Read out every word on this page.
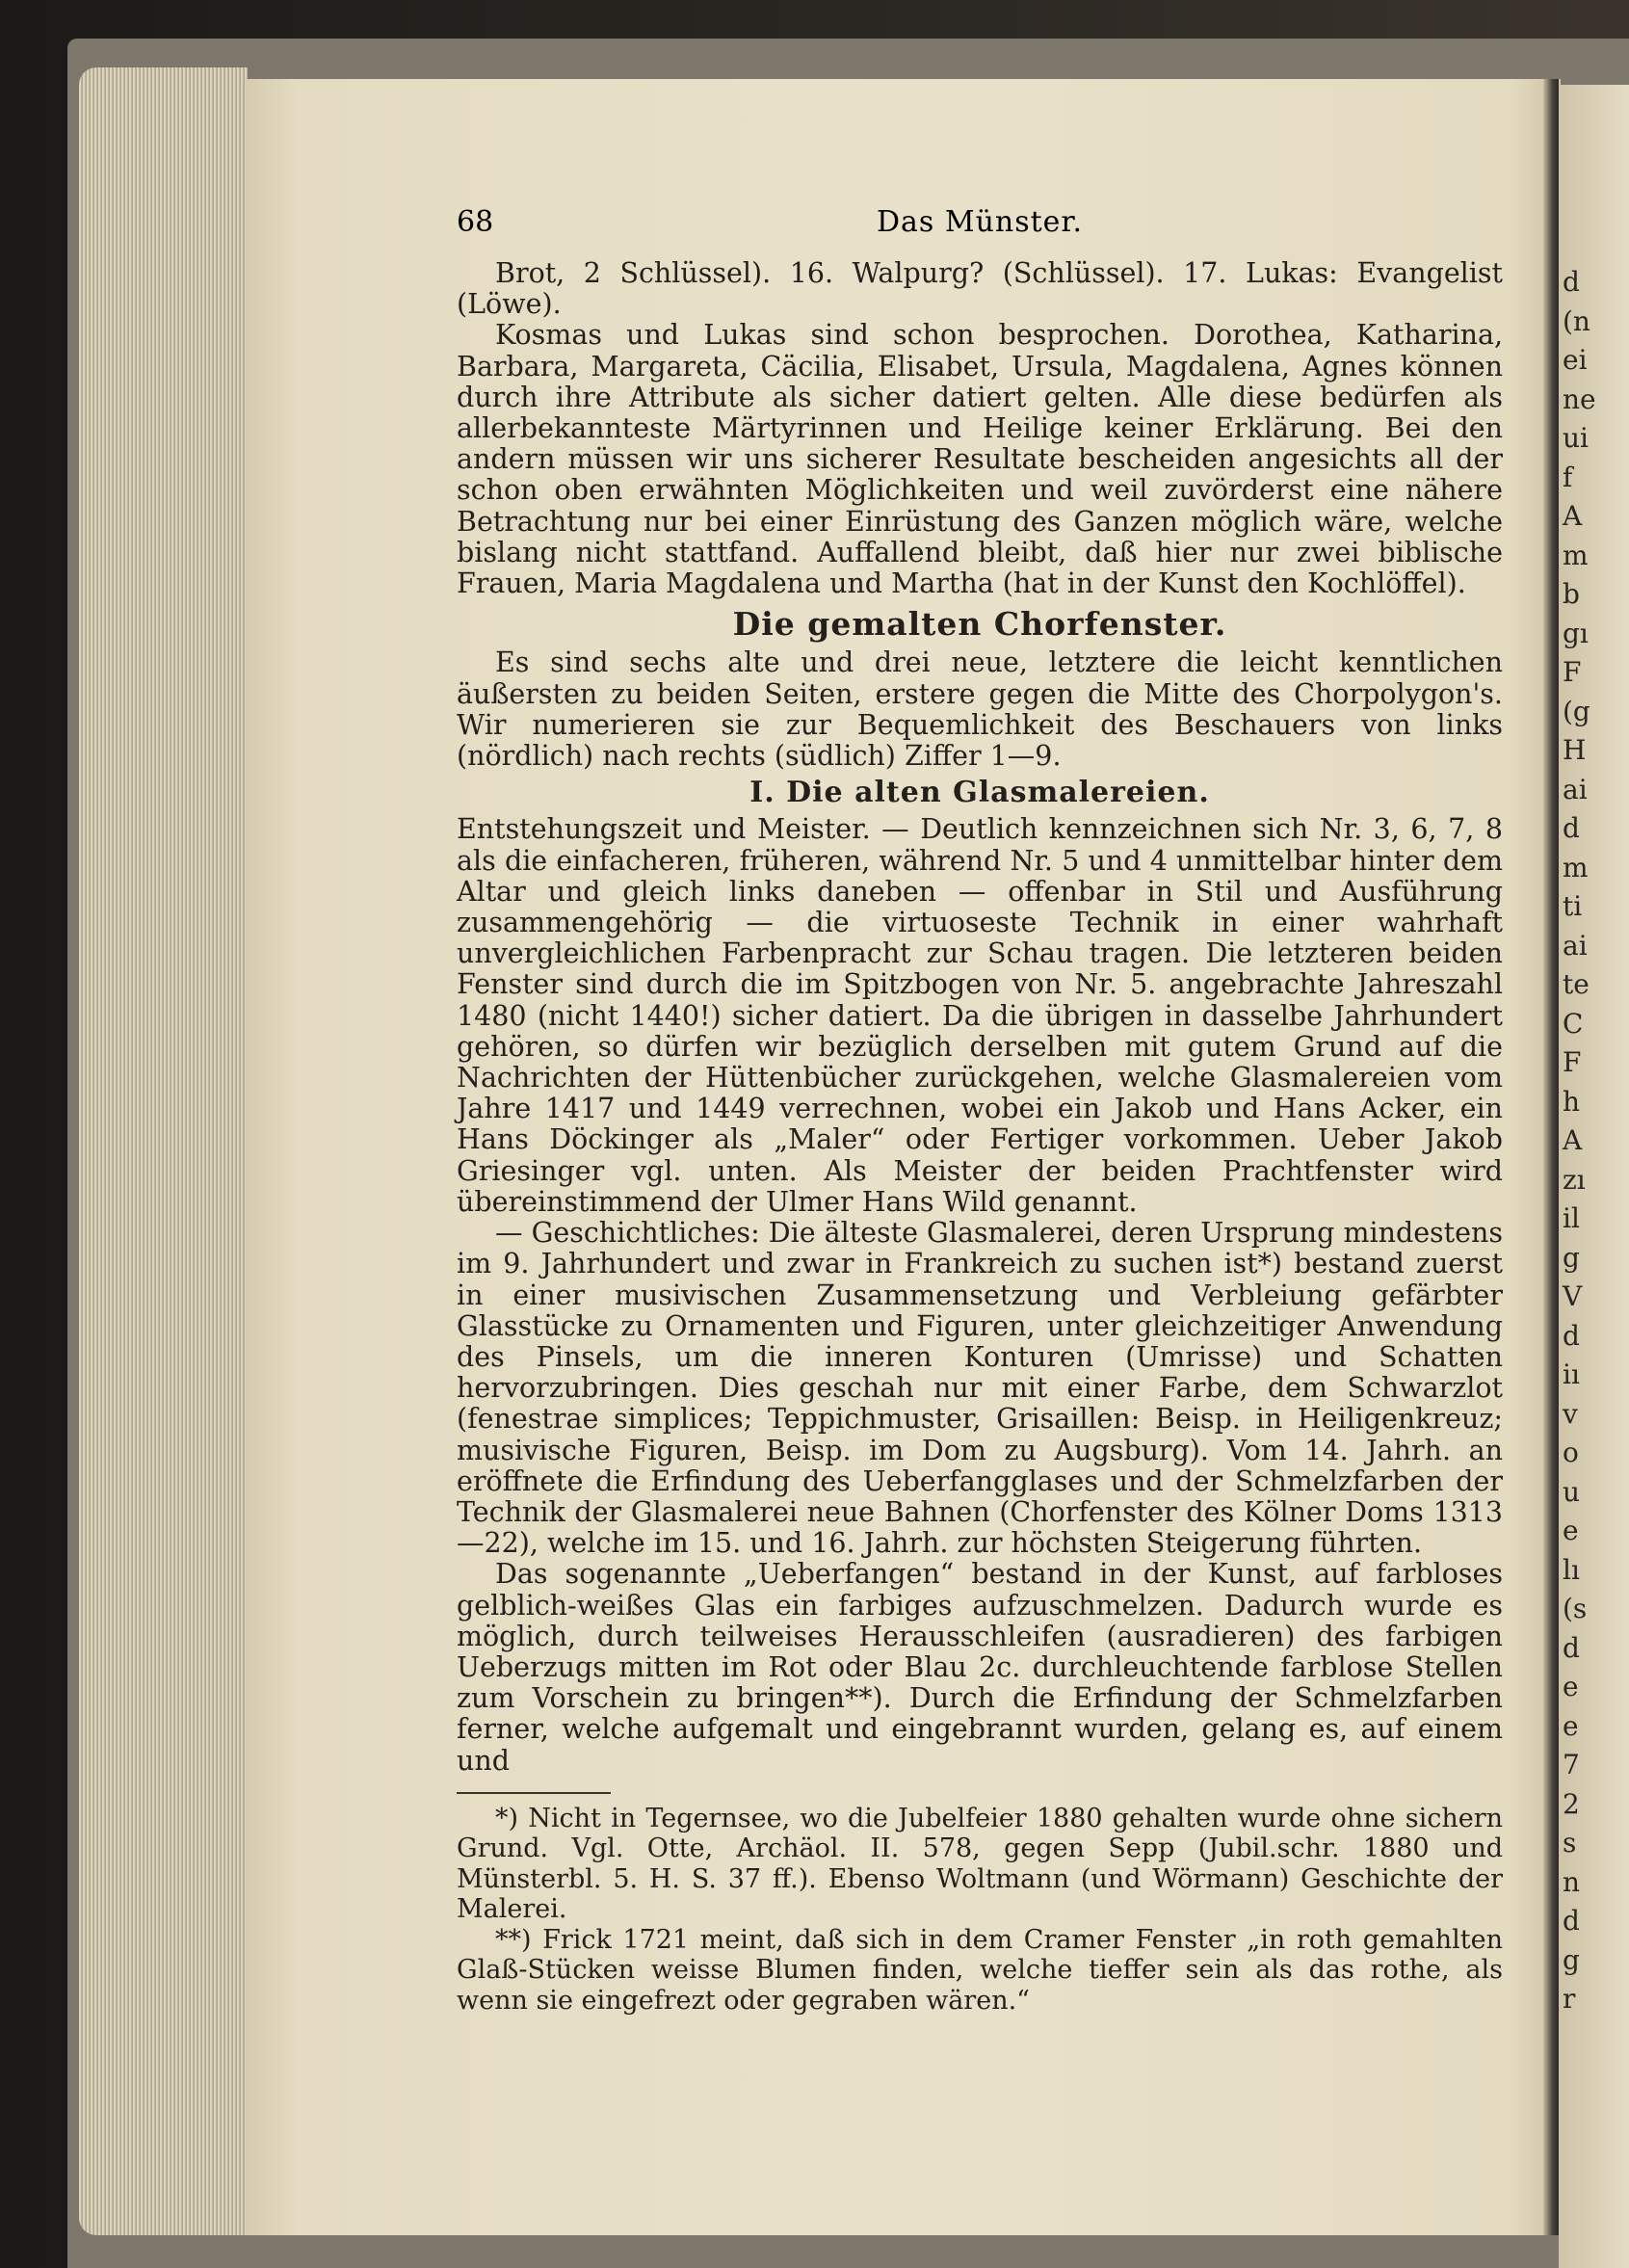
d
(n
ei
ne
ui
f
A
m
b
gı
F
(g
H
ai
d
m
ti
ai
te
C
F
h
A
zı
il
g
V
d
iı
v
o
u
e
lı
(s
d
e
e
7
2
s
n
d
g
r
68	Das Münster.

Brot, 2 Schlüssel). 16. Walpurg? (Schlüssel). 17. Lukas: Evangelist (Löwe).

Kosmas und Lukas sind schon besprochen. Dorothea, Katharina, Barbara, Margareta, Cäcilia, Elisabet, Ursula, Magdalena, Agnes können durch ihre Attribute als sicher datiert gelten. Alle diese bedürfen als allerbekannteste Märtyrinnen und Heilige keiner Erklärung. Bei den andern müssen wir uns sicherer Resultate bescheiden angesichts all der schon oben erwähnten Möglichkeiten und weil zuvörderst eine nähere Betrachtung nur bei einer Einrüstung des Ganzen möglich wäre, welche bislang nicht stattfand. Auffallend bleibt, daß hier nur zwei biblische Frauen, Maria Magdalena und Martha (hat in der Kunst den Kochlöffel).

Die gemalten Chorfenster.

Es sind sechs alte und drei neue, letztere die leicht kenntlichen äußersten zu beiden Seiten, erstere gegen die Mitte des Chorpolygon's. Wir numerieren sie zur Bequemlichkeit des Beschauers von links (nördlich) nach rechts (südlich) Ziffer 1—9.

I. Die alten Glasmalereien.

Entstehungszeit und Meister. — Deutlich kennzeichnen sich Nr. 3, 6, 7, 8 als die einfacheren, früheren, während Nr. 5 und 4 unmittelbar hinter dem Altar und gleich links daneben — offenbar in Stil und Ausführung zusammengehörig — die virtuoseste Technik in einer wahrhaft unvergleichlichen Farbenpracht zur Schau tragen. Die letzteren beiden Fenster sind durch die im Spitzbogen von Nr. 5. angebrachte Jahreszahl 1480 (nicht 1440!) sicher datiert. Da die übrigen in dasselbe Jahrhundert gehören, so dürfen wir bezüglich derselben mit gutem Grund auf die Nachrichten der Hüttenbücher zurückgehen, welche Glasmalereien vom Jahre 1417 und 1449 verrechnen, wobei ein Jakob und Hans Acker, ein Hans Döckinger als „Maler“ oder Fertiger vorkommen. Ueber Jakob Griesinger vgl. unten. Als Meister der beiden Prachtfenster wird übereinstimmend der Ulmer Hans Wild genannt.

— Geschichtliches: Die älteste Glasmalerei, deren Ursprung mindestens im 9. Jahrhundert und zwar in Frankreich zu suchen ist*) bestand zuerst in einer musivischen Zusammensetzung und Verbleiung gefärbter Glasstücke zu Ornamenten und Figuren, unter gleichzeitiger Anwendung des Pinsels, um die inneren Konturen (Umrisse) und Schatten hervorzubringen. Dies geschah nur mit einer Farbe, dem Schwarzlot (fenestrae simplices; Teppichmuster, Grisaillen: Beisp. in Heiligenkreuz; musivische Figuren, Beisp. im Dom zu Augsburg). Vom 14. Jahrh. an eröffnete die Erfindung des Ueberfangglases und der Schmelzfarben der Technik der Glasmalerei neue Bahnen (Chorfenster des Kölner Doms 1313—22), welche im 15. und 16. Jahrh. zur höchsten Steigerung führten.

Das sogenannte „Ueberfangen“ bestand in der Kunst, auf farbloses gelblich-weißes Glas ein farbiges aufzuschmelzen. Dadurch wurde es möglich, durch teilweises Herausschleifen (ausradieren) des farbigen Ueberzugs mitten im Rot oder Blau 2c. durchleuchtende farblose Stellen zum Vorschein zu bringen**). Durch die Erfindung der Schmelzfarben ferner, welche aufgemalt und eingebrannt wurden, gelang es, auf einem und

*) Nicht in Tegernsee, wo die Jubelfeier 1880 gehalten wurde ohne sichern Grund. Vgl. Otte, Archäol. II. 578, gegen Sepp (Jubil.schr. 1880 und Münsterbl. 5. H. S. 37 ff.). Ebenso Woltmann (und Wörmann) Geschichte der Malerei.

**) Frick 1721 meint, daß sich in dem Cramer Fenster „in roth gemahlten Glaß-Stücken weisse Blumen finden, welche tieffer sein als das rothe, als wenn sie eingefrezt oder gegraben wären.“
